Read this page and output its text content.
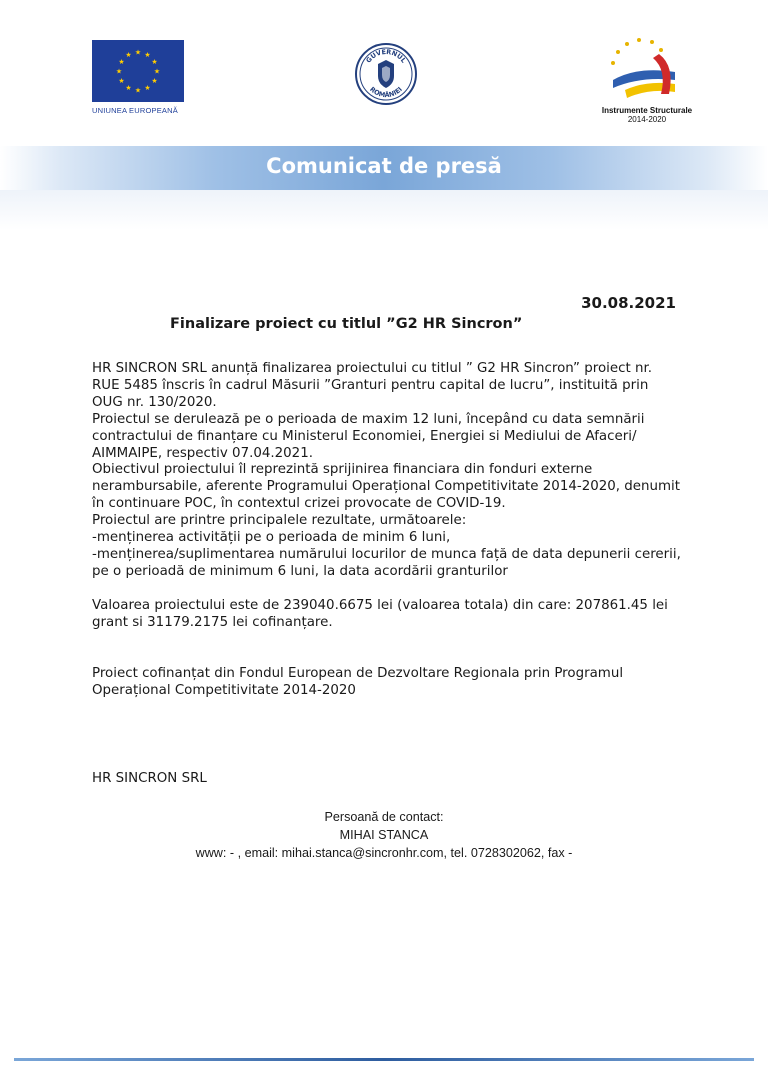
★ ★
★
★
★
★
★
★
★
★
★
★
UNIUNEA EUROPEANĂ
GUVERNUL
ROMÂNIEI
Instrumente Structurale
2014-2020
Comunicat de presă
30.08.2021
Finalizare proiect cu titlul ”G2 HR Sincron”

HR SINCRON SRL anunță finalizarea proiectului cu titlul ” G2 HR Sincron” proiect nr. RUE 5485 înscris în cadrul Măsurii ”Granturi pentru capital de lucru”, instituită prin OUG nr. 130/2020.

Proiectul se derulează pe o perioada de maxim 12 luni, începând cu data semnării contractului de finanțare cu Ministerul Economiei, Energiei si Mediului de Afaceri/ AIMMAIPE, respectiv 07.04.2021.

Obiectivul proiectului îl reprezintă sprijinirea financiara din fonduri externe nerambursabile, aferente Programului Operațional Competitivitate 2014-2020, denumit în continuare POC, în contextul crizei provocate de COVID-19.

Proiectul are printre principalele rezultate, următoarele:

-menținerea activității pe o perioada de minim 6 luni,

-menținerea/suplimentarea numărului locurilor de munca față de data depunerii cererii, pe o perioadă de minimum 6 luni, la data acordării granturilor

Valoarea proiectului este de 239040.6675 lei (valoarea totala) din care: 207861.45 lei grant si 31179.2175 lei cofinanțare.

Proiect cofinanțat din Fondul European de Dezvoltare Regionala prin Programul Operațional Competitivitate 2014-2020

HR SINCRON SRL
Persoană de contact:
MIHAI STANCA
www: - , email: mihai.stanca@sincronhr.com, tel. 0728302062, fax -
